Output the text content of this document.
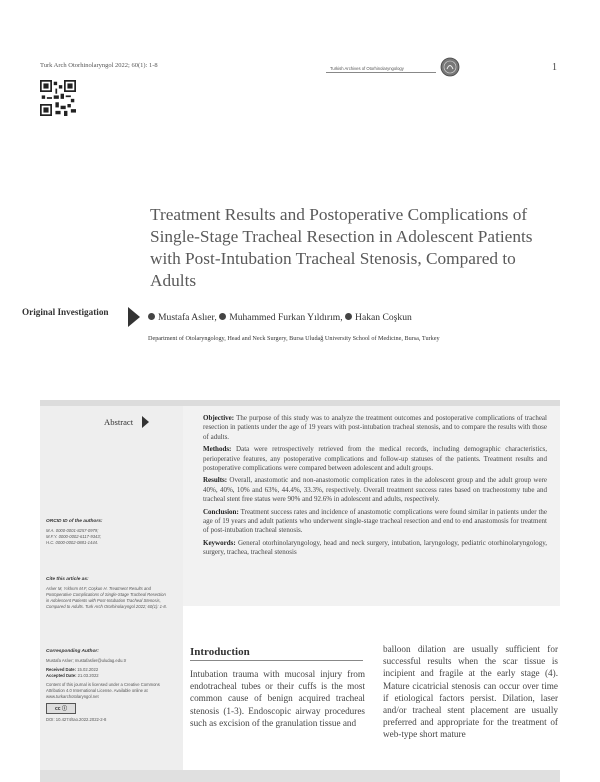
Turk Arch Otorhinolaryngol 2022; 60(1): 1-8	Turkish Archives of Otorhinolaryngology	1
Treatment Results and Postoperative Complications of Single-Stage Tracheal Resection in Adolescent Patients with Post-Intubation Tracheal Stenosis, Compared to Adults
Original Investigation	Mustafa Aslıer, Muhammed Furkan Yıldırım, Hakan Coşkun
Department of Otolaryngology, Head and Neck Surgery, Bursa Uludağ University School of Medicine, Bursa, Turkey
Abstract	Objective: The purpose of this study was to analyze the treatment outcomes and postoperative complications of tracheal resection in patients under the age of 19 years with post-intubation tracheal stenosis, and to compare the results with those of adults.

Methods: Data were retrospectively retrieved from the medical records, including demographic characteristics, perioperative features, any postoperative complications and follow-up statuses of the patients. Treatment results and postoperative complications were compared between adolescent and adult groups.

Results: Overall, anastomotic and non-anastomotic complication rates in the adolescent group and the adult group were 40%, 40%, 10% and 63%, 44.4%, 33.3%, respectively. Overall treatment success rates based on tracheostomy tube and tracheal stent free status were 90% and 92.6% in adolescent and adults, respectively.

Conclusion: Treatment success rates and incidence of anastomotic complications were found similar in patients under the age of 19 years and adult patients who underwent single-stage tracheal resection and end to end anastomosis for treatment of post-intubation tracheal stenosis.

Keywords: General otorhinolaryngology, head and neck surgery, intubation, laryngology, pediatric otorhinolaryngology, surgery, trachea, tracheal stenosis

ORCID ID of the authors:
M.A. 0000-0001-8257-0979;
M.F.Y. 0000-0002-6117-9343;
H.C. 0000-0002-0881-1444.
Cite this article as:
Aslıer M, Yıldırım M.F, Coşkun H. Treatment Results and Postoperative Complications of Single-Stage Tracheal Resection in Adolescent Patients with Post-Intubation Tracheal Stenosis, Compared to Adults. Turk Arch Otorhinolaryngol 2022; 60(1): 1-8.
Corresponding Author:
Mustafa Aslıer; mustafaslier@uludag.edu.tr
Received Date: 15.02.2022
Accepted Date: 21.03.2022
Content of this journal is licensed under a Creative Commons Attribution 4.0 International License. Available online at www.turkarchotolaryngol.net
cc ⓘ
DOI: 10.4274/tao.2022.2022-2-8
Introduction
Intubation trauma with mucosal injury from endotracheal tubes or their cuffs is the most common cause of benign acquired tracheal stenosis (1-3). Endoscopic airway procedures such as excision of the granulation tissue and
balloon dilation are usually sufficient for successful results when the scar tissue is incipient and fragile at the early stage (4). Mature cicatricial stenosis can occur over time if etiological factors persist. Dilation, laser and/or tracheal stent placement are usually preferred and appropriate for the treatment of web-type short mature
